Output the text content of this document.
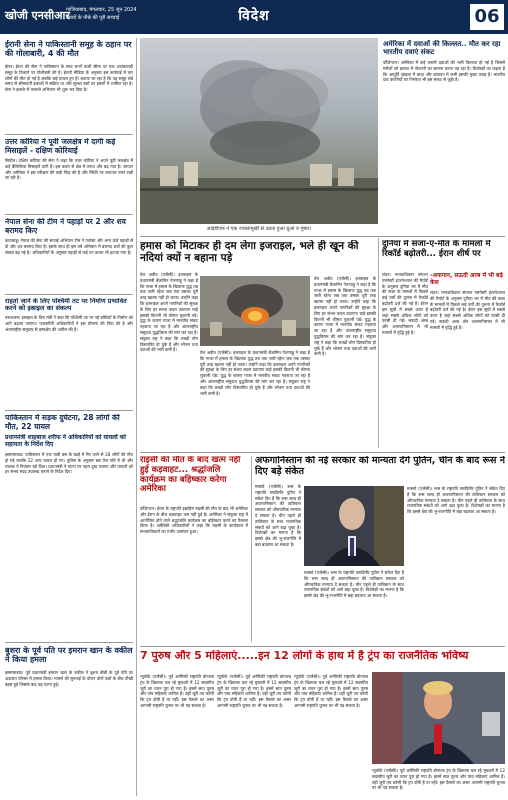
खोजी एनसीआर
गाजियाबाद, मंगलवार, 25 जून 2024
ख़बरों के पीछे की पूरी सच्चाई	विदेश	06
ईरानी सेना ने पाकिस्तानी समूह के ठहान पर की गोलाबारी, 4 की मौत
ईरान। ईरान की सेना ने पाकिस्तान के साथ लगने वाली सीमा पर एक आतंकवादी समूह के ठिकाने पर गोलीबारी की है। ईरानी मीडिया के अनुसार इस कार्रवाई में चार लोगों की मौत हो गई है जबकि कई घायल हुए हैं। बताया जा रहा है कि यह समूह लंबे समय से सीमावर्ती इलाकों में सक्रिय था और सुरक्षा बलों पर हमलों में शामिल रहा है। सेना ने इलाके में तलाशी अभियान भी शुरू कर दिया है।
उत्तर कोरिया ने पूर्वी जलक्षेत्र में दागी कई मिसाइलें - दक्षिण कोरियाई
सियोल। दक्षिण कोरिया की सेना ने कहा कि उत्तर कोरिया ने अपने पूर्वी जलक्षेत्र में कई बैलिस्टिक मिसाइलें दागी हैं। इस कदम से क्षेत्र में तनाव और बढ़ गया है। जापान और अमेरिका ने इस परीक्षण की कड़ी निंदा की है और स्थिति पर लगातार नजर रखी जा रही है।
नेपाल सेना की टीम ने पहाड़ों पर 2 और शव बरामद किए
काठमांडू। नेपाल की सेना की सफाई अभियान टीम ने एवरेस्ट और अन्य ऊंचे पहाड़ों से दो और शव बरामद किए हैं। इसके साथ ही इस वर्ष अभियान में बरामद शवों की कुल संख्या बढ़ गई है। अधिकारियों के अनुसार पहाड़ों से कई टन कचरा भी हटाया गया है।
राहतों जाने के लिए पश्चिमी तट पर निर्माण प्रभावित करने को इस्राइल का संकल्प
यरूशलम। इस्राइल के वित्त मंत्री ने कहा कि पश्चिमी तट पर नई बस्तियों के निर्माण को आगे बढ़ाया जाएगा। फलस्तीनी अधिकारियों ने इस घोषणा की निंदा की है और अंतरराष्ट्रीय समुदाय से हस्तक्षेप की अपील की है।
पाकिस्तान में सड़क दुर्घटना, 28 लोगों की मौत, 22 घायल
प्रधानमंत्री शाहबाज शरीफ ने अधिकारियों को घायलों को सहायता के निर्देश दिए
इस्लामाबाद। पाकिस्तान में एक यात्री बस के खाई में गिर जाने से 28 लोगों की मौत हो गई जबकि 22 अन्य घायल हो गए। पुलिस के अनुसार बस तेज गति में थी और चालक ने नियंत्रण खो दिया। प्रधानमंत्री ने घटना पर गहरा दुख जताया और घायलों को हर संभव मदद उपलब्ध कराने के निर्देश दिए।
बुशरा के पूर्व पति पर इमरान खान के वकील ने किया हमला
इस्लामाबाद। पूर्व प्रधानमंत्री इमरान खान के वकील ने बुशरा बीबी के पूर्व पति पर अदालत परिसर में हमला किया। मामले की सुनवाई के दौरान दोनों पक्षों के बीच तीखी बहस हुई जिसके बाद यह घटना हुई।
आईडीएफ ने एक ज्वालामुखी से उठता हुआ धुआं व गुबार।
अमेरिका में दवाओं की किल्लत.. मौत कर रहा भारतीय दवाएं संकट
वॉशिंगटन। अमेरिका में कई जरूरी दवाओं की भारी किल्लत हो गई है जिससे मरीजों को इलाज में परेशानी का सामना करना पड़ रहा है। विशेषज्ञों का कहना है कि आपूर्ति श्रृंखला में बाधा और उत्पादन में कमी इसकी मुख्य वजह है। भारतीय दवा कंपनियों पर निर्भरता भी इस संकट से जुड़ी है।
हमास को मिटाकर ही दम लेगा इजराइल, भले ही खून की नदियां क्यों न बहाना पड़े
तेल अवीव (एजेंसी)। इजराइल के प्रधानमंत्री बेंजामिन नेतन्याहू ने कहा है कि गाजा में हमास के खिलाफ युद्ध तब तक जारी रहेगा जब तक उसका पूरी तरह खात्मा नहीं हो जाता। उन्होंने कहा कि इजराइल अपने नागरिकों की सुरक्षा के लिए हर संभव कदम उठाएगा चाहे इसकी कितनी भी कीमत चुकानी पड़े। युद्ध के कारण गाजा में मानवीय संकट गहराता जा रहा है और अंतरराष्ट्रीय समुदाय युद्धविराम की मांग कर रहा है। संयुक्त राष्ट्र ने कहा कि लाखों लोग विस्थापित हो चुके हैं और भोजन तथा दवाओं की भारी कमी है।
तेल अवीव (एजेंसी)। इजराइल के प्रधानमंत्री बेंजामिन नेतन्याहू ने कहा है कि गाजा में हमास के खिलाफ युद्ध तब तक जारी रहेगा जब तक उसका पूरी तरह खात्मा नहीं हो जाता। उन्होंने कहा कि इजराइल अपने नागरिकों की सुरक्षा के लिए हर संभव कदम उठाएगा चाहे इसकी कितनी भी कीमत चुकानी पड़े। युद्ध के कारण गाजा में मानवीय संकट गहराता जा रहा है और अंतरराष्ट्रीय समुदाय युद्धविराम की मांग कर रहा है। संयुक्त राष्ट्र ने कहा कि लाखों लोग विस्थापित हो चुके हैं और भोजन तथा दवाओं की भारी कमी है।
तेल अवीव (एजेंसी)। इजराइल के प्रधानमंत्री बेंजामिन नेतन्याहू ने कहा है कि गाजा में हमास के खिलाफ युद्ध तब तक जारी रहेगा जब तक उसका पूरी तरह खात्मा नहीं हो जाता। उन्होंने कहा कि इजराइल अपने नागरिकों की सुरक्षा के लिए हर संभव कदम उठाएगा चाहे इसकी कितनी भी कीमत चुकानी पड़े। युद्ध के कारण गाजा में मानवीय संकट गहराता जा रहा है और अंतरराष्ट्रीय समुदाय युद्धविराम की मांग कर रहा है। संयुक्त राष्ट्र ने कहा कि लाखों लोग विस्थापित हो चुके हैं और भोजन तथा दवाओं की भारी कमी है।
दुनिया में सजा-ए-मौत के मामलों में रिकॉर्ड बढ़ोतरी... ईरान शीर्ष पर
-अफगान, सऊदी अरब में भी बढ़े केस
लंदन। मानवाधिकार संगठन एमनेस्टी इंटरनेशनल की रिपोर्ट के अनुसार दुनिया भर में मौत की सजा के मामलों में पिछले कई वर्षों की तुलना में रिकॉर्ड बढ़ोतरी दर्ज की गई है। ईरान इस सूची में सबसे ऊपर है जहां सबसे अधिक लोगों को फांसी दी गई। सऊदी अरब और अफगानिस्तान में भी मामलों में वृद्धि हुई है।
लंदन। मानवाधिकार संगठन एमनेस्टी इंटरनेशनल की रिपोर्ट के अनुसार दुनिया भर में मौत की सजा के मामलों में पिछले कई वर्षों की तुलना में रिकॉर्ड बढ़ोतरी दर्ज की गई है। ईरान इस सूची में सबसे ऊपर है जहां सबसे अधिक लोगों को फांसी दी गई। सऊदी अरब और अफगानिस्तान में भी मामलों में वृद्धि हुई है।
राइसी की मौत के बाद खत्म नहीं हुई कड़वाहट... श्रद्धांजलि कार्यक्रम का बहिष्कार करेगा अमेरिका
वॉशिंगटन। ईरान के राष्ट्रपति इब्राहिम राइसी की मौत के बाद भी अमेरिका और ईरान के बीच कड़वाहट कम नहीं हुई है। अमेरिका ने संयुक्त राष्ट्र में आयोजित होने वाले श्रद्धांजलि कार्यक्रम का बहिष्कार करने का फैसला किया है। अमेरिकी अधिकारियों ने कहा कि राइसी के कार्यकाल में मानवाधिकारों का गंभीर उल्लंघन हुआ।
अफगानिस्तान की नई सरकार को मान्यता देंगे पुतिन, चीन के बाद रूस ने दिए बड़े संकेत
मास्को (एजेंसी)। रूस के राष्ट्रपति व्लादिमीर पुतिन ने संकेत दिए हैं कि रूस जल्द ही अफगानिस्तान की तालिबान सरकार को औपचारिक मान्यता दे सकता है। चीन पहले ही तालिबान के साथ राजनयिक संबंधों को आगे बढ़ा चुका है। विशेषज्ञों का मानना है कि इससे क्षेत्र की भू-राजनीति में बड़ा बदलाव आ सकता है।
मास्को (एजेंसी)। रूस के राष्ट्रपति व्लादिमीर पुतिन ने संकेत दिए हैं कि रूस जल्द ही अफगानिस्तान की तालिबान सरकार को औपचारिक मान्यता दे सकता है। चीन पहले ही तालिबान के साथ राजनयिक संबंधों को आगे बढ़ा चुका है। विशेषज्ञों का मानना है कि इससे क्षेत्र की भू-राजनीति में बड़ा बदलाव आ सकता है।
मास्को (एजेंसी)। रूस के राष्ट्रपति व्लादिमीर पुतिन ने संकेत दिए हैं कि रूस जल्द ही अफगानिस्तान की तालिबान सरकार को औपचारिक मान्यता दे सकता है। चीन पहले ही तालिबान के साथ राजनयिक संबंधों को आगे बढ़ा चुका है। विशेषज्ञों का मानना है कि इससे क्षेत्र की भू-राजनीति में बड़ा बदलाव आ सकता है।
7 पुरुष और 5 महिलाएं.....इन 12 लोगों के हाथ में है ट्रंप का राजनैतिक भविष्य
न्यूयॉर्क (एजेंसी)। पूर्व अमेरिकी राष्ट्रपति डोनाल्ड ट्रंप के खिलाफ चल रहे मुकदमे में 12 सदस्यीय जूरी का चयन पूरा हो गया है। इसमें सात पुरुष और पांच महिलाएं शामिल हैं। यही जूरी तय करेगी कि ट्रंप दोषी हैं या नहीं। इस फैसले का असर आगामी राष्ट्रपति चुनाव पर भी पड़ सकता है।
न्यूयॉर्क (एजेंसी)। पूर्व अमेरिकी राष्ट्रपति डोनाल्ड ट्रंप के खिलाफ चल रहे मुकदमे में 12 सदस्यीय जूरी का चयन पूरा हो गया है। इसमें सात पुरुष और पांच महिलाएं शामिल हैं। यही जूरी तय करेगी कि ट्रंप दोषी हैं या नहीं। इस फैसले का असर आगामी राष्ट्रपति चुनाव पर भी पड़ सकता है।
न्यूयॉर्क (एजेंसी)। पूर्व अमेरिकी राष्ट्रपति डोनाल्ड ट्रंप के खिलाफ चल रहे मुकदमे में 12 सदस्यीय जूरी का चयन पूरा हो गया है। इसमें सात पुरुष और पांच महिलाएं शामिल हैं। यही जूरी तय करेगी कि ट्रंप दोषी हैं या नहीं। इस फैसले का असर आगामी राष्ट्रपति चुनाव पर भी पड़ सकता है।
न्यूयॉर्क (एजेंसी)। पूर्व अमेरिकी राष्ट्रपति डोनाल्ड ट्रंप के खिलाफ चल रहे मुकदमे में 12 सदस्यीय जूरी का चयन पूरा हो गया है। इसमें सात पुरुष और पांच महिलाएं शामिल हैं। यही जूरी तय करेगी कि ट्रंप दोषी हैं या नहीं। इस फैसले का असर आगामी राष्ट्रपति चुनाव पर भी पड़ सकता है।
